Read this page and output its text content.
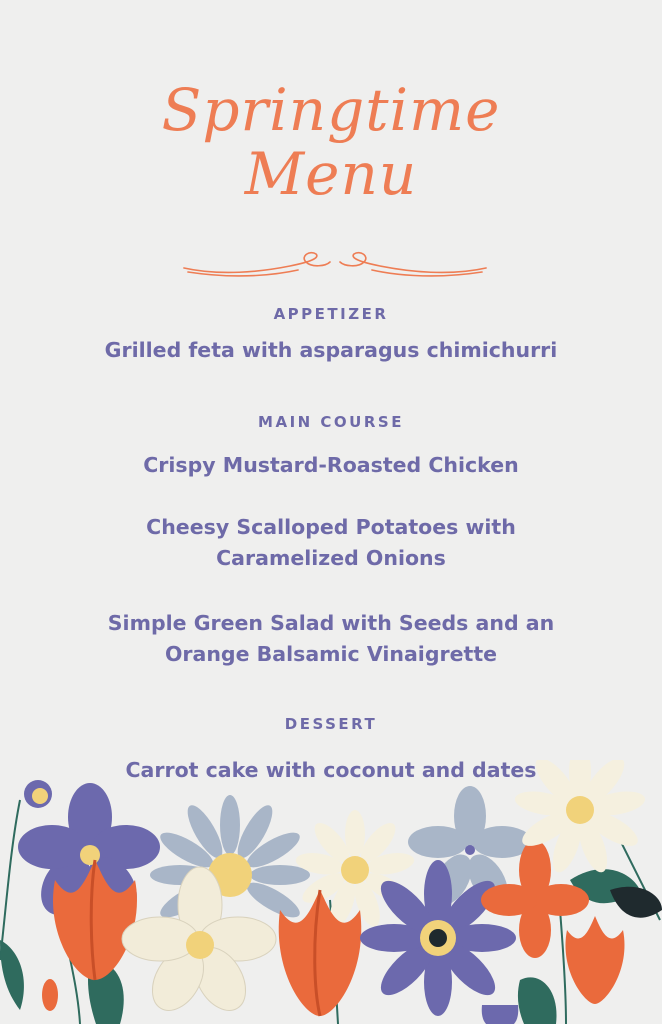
Springtime
Menu
APPETIZER
Grilled feta with asparagus chimichurri
MAIN COURSE
Crispy Mustard-Roasted Chicken
Cheesy Scalloped Potatoes with
Caramelized Onions
Simple Green Salad with Seeds and an
Orange Balsamic Vinaigrette
DESSERT
Carrot cake with coconut and dates
